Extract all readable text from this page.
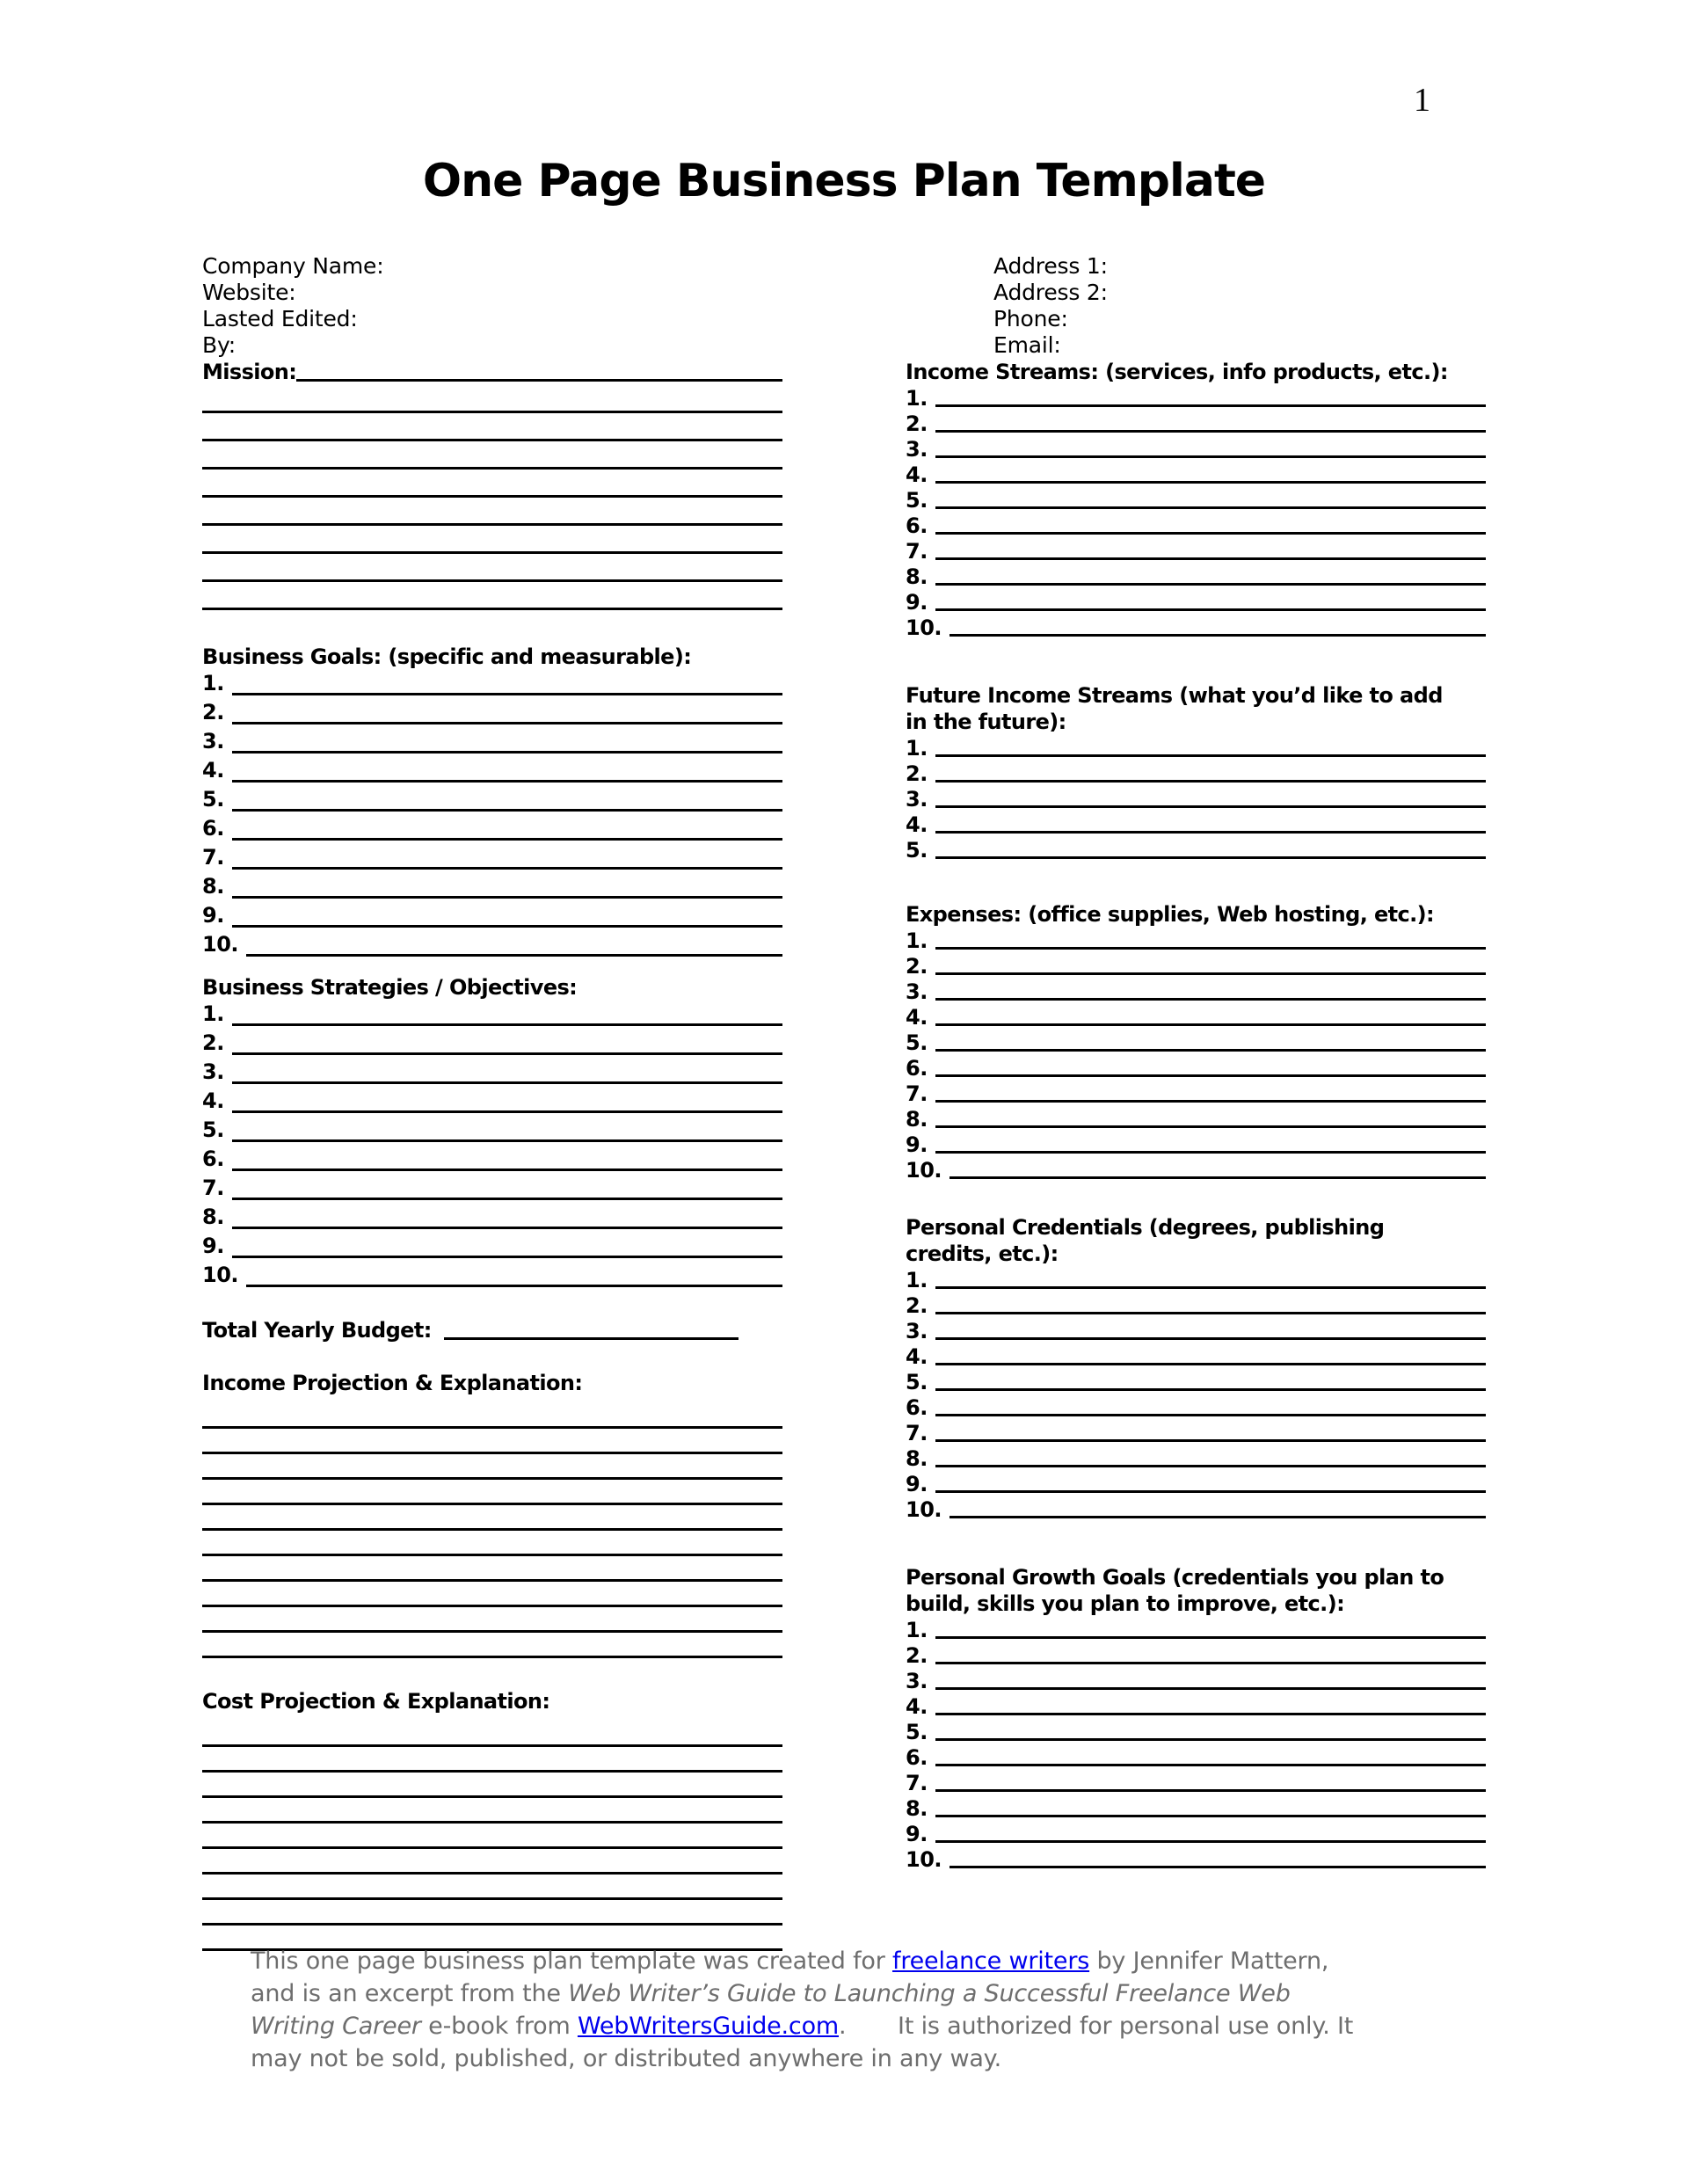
1
One Page Business Plan Template
Company Name:
Website:
Lasted Edited:
By:
Mission:
Business Goals: (specific and measurable):
1.
2.
3.
4.
5.
6.
7.
8.
9.
10.
Business Strategies / Objectives:
1.
2.
3.
4.
5.
6.
7.
8.
9.
10.
Total Yearly Budget:
Income Projection & Explanation:
Cost Projection & Explanation:
Address 1:
Address 2:
Phone:
Email:
Income Streams: (services, info products, etc.):
1.
2.
3.
4.
5.
6.
7.
8.
9.
10.
Future Income Streams (what you’d like to add
in the future):
1.
2.
3.
4.
5.
Expenses: (office supplies, Web hosting, etc.):
1.
2.
3.
4.
5.
6.
7.
8.
9.
10.
Personal Credentials (degrees, publishing
credits, etc.):
1.
2.
3.
4.
5.
6.
7.
8.
9.
10.
Personal Growth Goals (credentials you plan to
build, skills you plan to improve, etc.):
1.
2.
3.
4.
5.
6.
7.
8.
9.
10.
This one page business plan template was created for freelance writers by Jennifer Mattern,
and is an excerpt from the Web Writer’s Guide to Launching a Successful Freelance Web
Writing Career e-book from WebWritersGuide.com.       It is authorized for personal use only. It
may not be sold, published, or distributed anywhere in any way.
